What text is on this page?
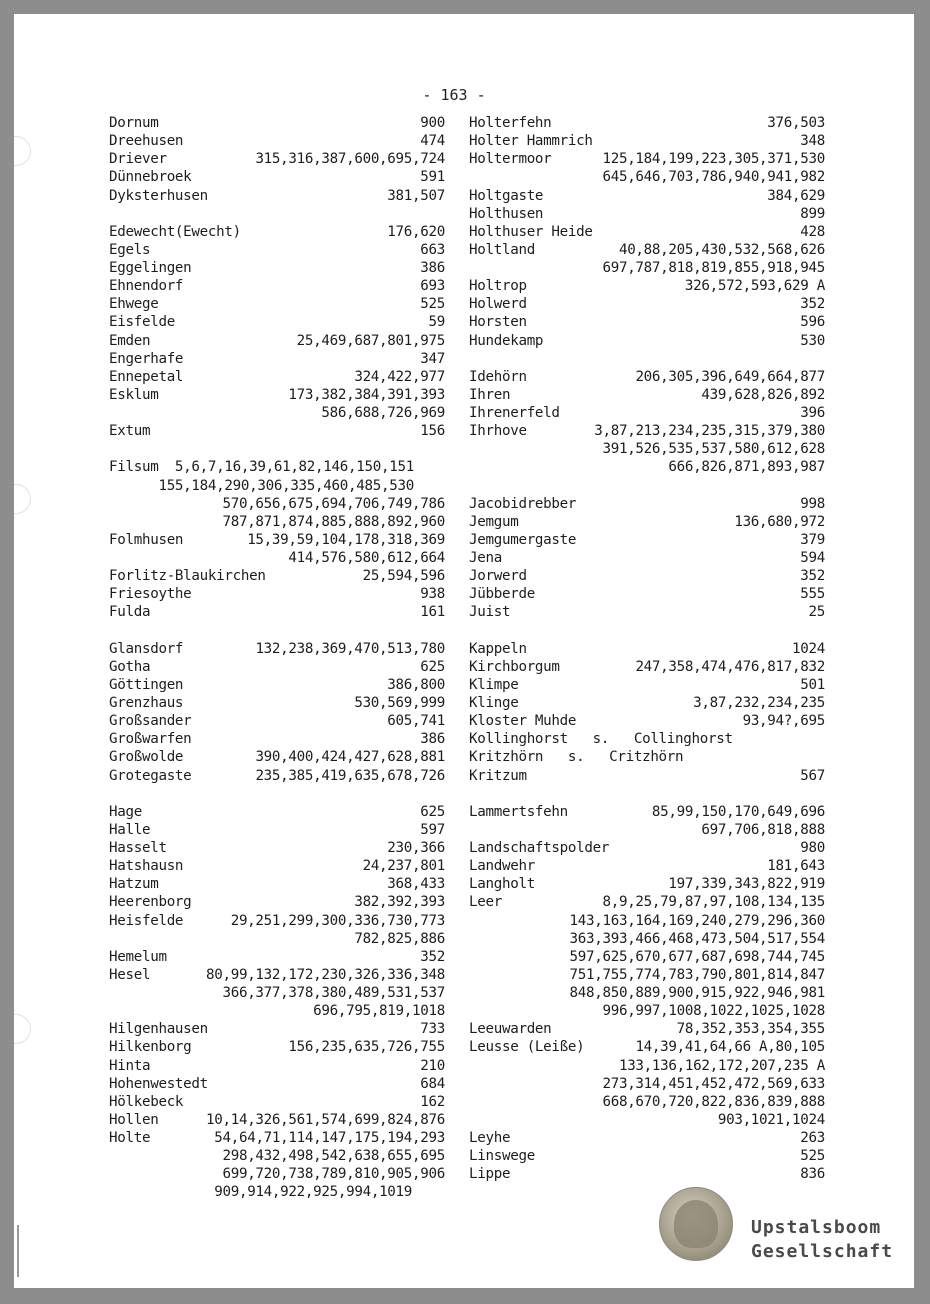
- 163 -
Dornum	900
Dreehusen	474
Driever	315,316,387,600,695,724
Dünnebroek	591
Dyksterhusen	381,507
Edewecht(Ewecht)	176,620
Egels	663
Eggelingen	386
Ehnendorf	693
Ehwege	525
Eisfelde	59
Emden	25,469,687,801,975
Engerhafe	347
Ennepetal	324,422,977
Esklum	173,382,384,391,393
586,688,726,969
Extum	156
Filsum  5,6,7,16,39,61,82,146,150,151
155,184,290,306,335,460,485,530
570,656,675,694,706,749,786
787,871,874,885,888,892,960
Folmhusen	15,39,59,104,178,318,369
414,576,580,612,664
Forlitz-Blaukirchen	25,594,596
Friesoythe	938
Fulda	161
Glansdorf	132,238,369,470,513,780
Gotha	625
Göttingen	386,800
Grenzhaus	530,569,999
Großsander	605,741
Großwarfen	386
Großwolde	390,400,424,427,628,881
Grotegaste	235,385,419,635,678,726
Hage	625
Halle	597
Hasselt	230,366
Hatshausn	24,237,801
Hatzum	368,433
Heerenborg	382,392,393
Heisfelde	29,251,299,300,336,730,773
782,825,886
Hemelum	352
Hesel	80,99,132,172,230,326,336,348
366,377,378,380,489,531,537
696,795,819,1018
Hilgenhausen	733
Hilkenborg	156,235,635,726,755
Hinta	210
Hohenwestedt	684
Hölkebeck	162
Hollen	10,14,326,561,574,699,824,876
Holte	54,64,71,114,147,175,194,293
298,432,498,542,638,655,695
699,720,738,789,810,905,906
909,914,922,925,994,1019
Holterfehn	376,503
Holter Hammrich	348
Holtermoor	125,184,199,223,305,371,530
645,646,703,786,940,941,982
Holtgaste	384,629
Holthusen	899
Holthuser Heide	428
Holtland	40,88,205,430,532,568,626
697,787,818,819,855,918,945
Holtrop	326,572,593,629 A
Holwerd	352
Horsten	596
Hundekamp	530
Idehörn	206,305,396,649,664,877
Ihren	439,628,826,892
Ihrenerfeld	396
Ihrhove	3,87,213,234,235,315,379,380
391,526,535,537,580,612,628
666,826,871,893,987
Jacobidrebber	998
Jemgum	136,680,972
Jemgumergaste	379
Jena	594
Jorwerd	352
Jübberde	555
Juist	25
Kappeln	1024
Kirchborgum	247,358,474,476,817,832
Klimpe	501
Klinge	3,87,232,234,235
Kloster Muhde	93,94?,695
Kollinghorst   s.   Collinghorst
Kritzhörn   s.   Critzhörn
Kritzum	567
Lammertsfehn	85,99,150,170,649,696
697,706,818,888
Landschaftspolder	980
Landwehr	181,643
Langholt	197,339,343,822,919
Leer	8,9,25,79,87,97,108,134,135
143,163,164,169,240,279,296,360
363,393,466,468,473,504,517,554
597,625,670,677,687,698,744,745
751,755,774,783,790,801,814,847
848,850,889,900,915,922,946,981
996,997,1008,1022,1025,1028
Leeuwarden	78,352,353,354,355
Leusse (Leiße)	14,39,41,64,66 A,80,105
133,136,162,172,207,235 A
273,314,451,452,472,569,633
668,670,720,822,836,839,888
903,1021,1024
Leyhe	263
Linswege	525
Lippe	836
Upstalsboom
Gesellschaft
